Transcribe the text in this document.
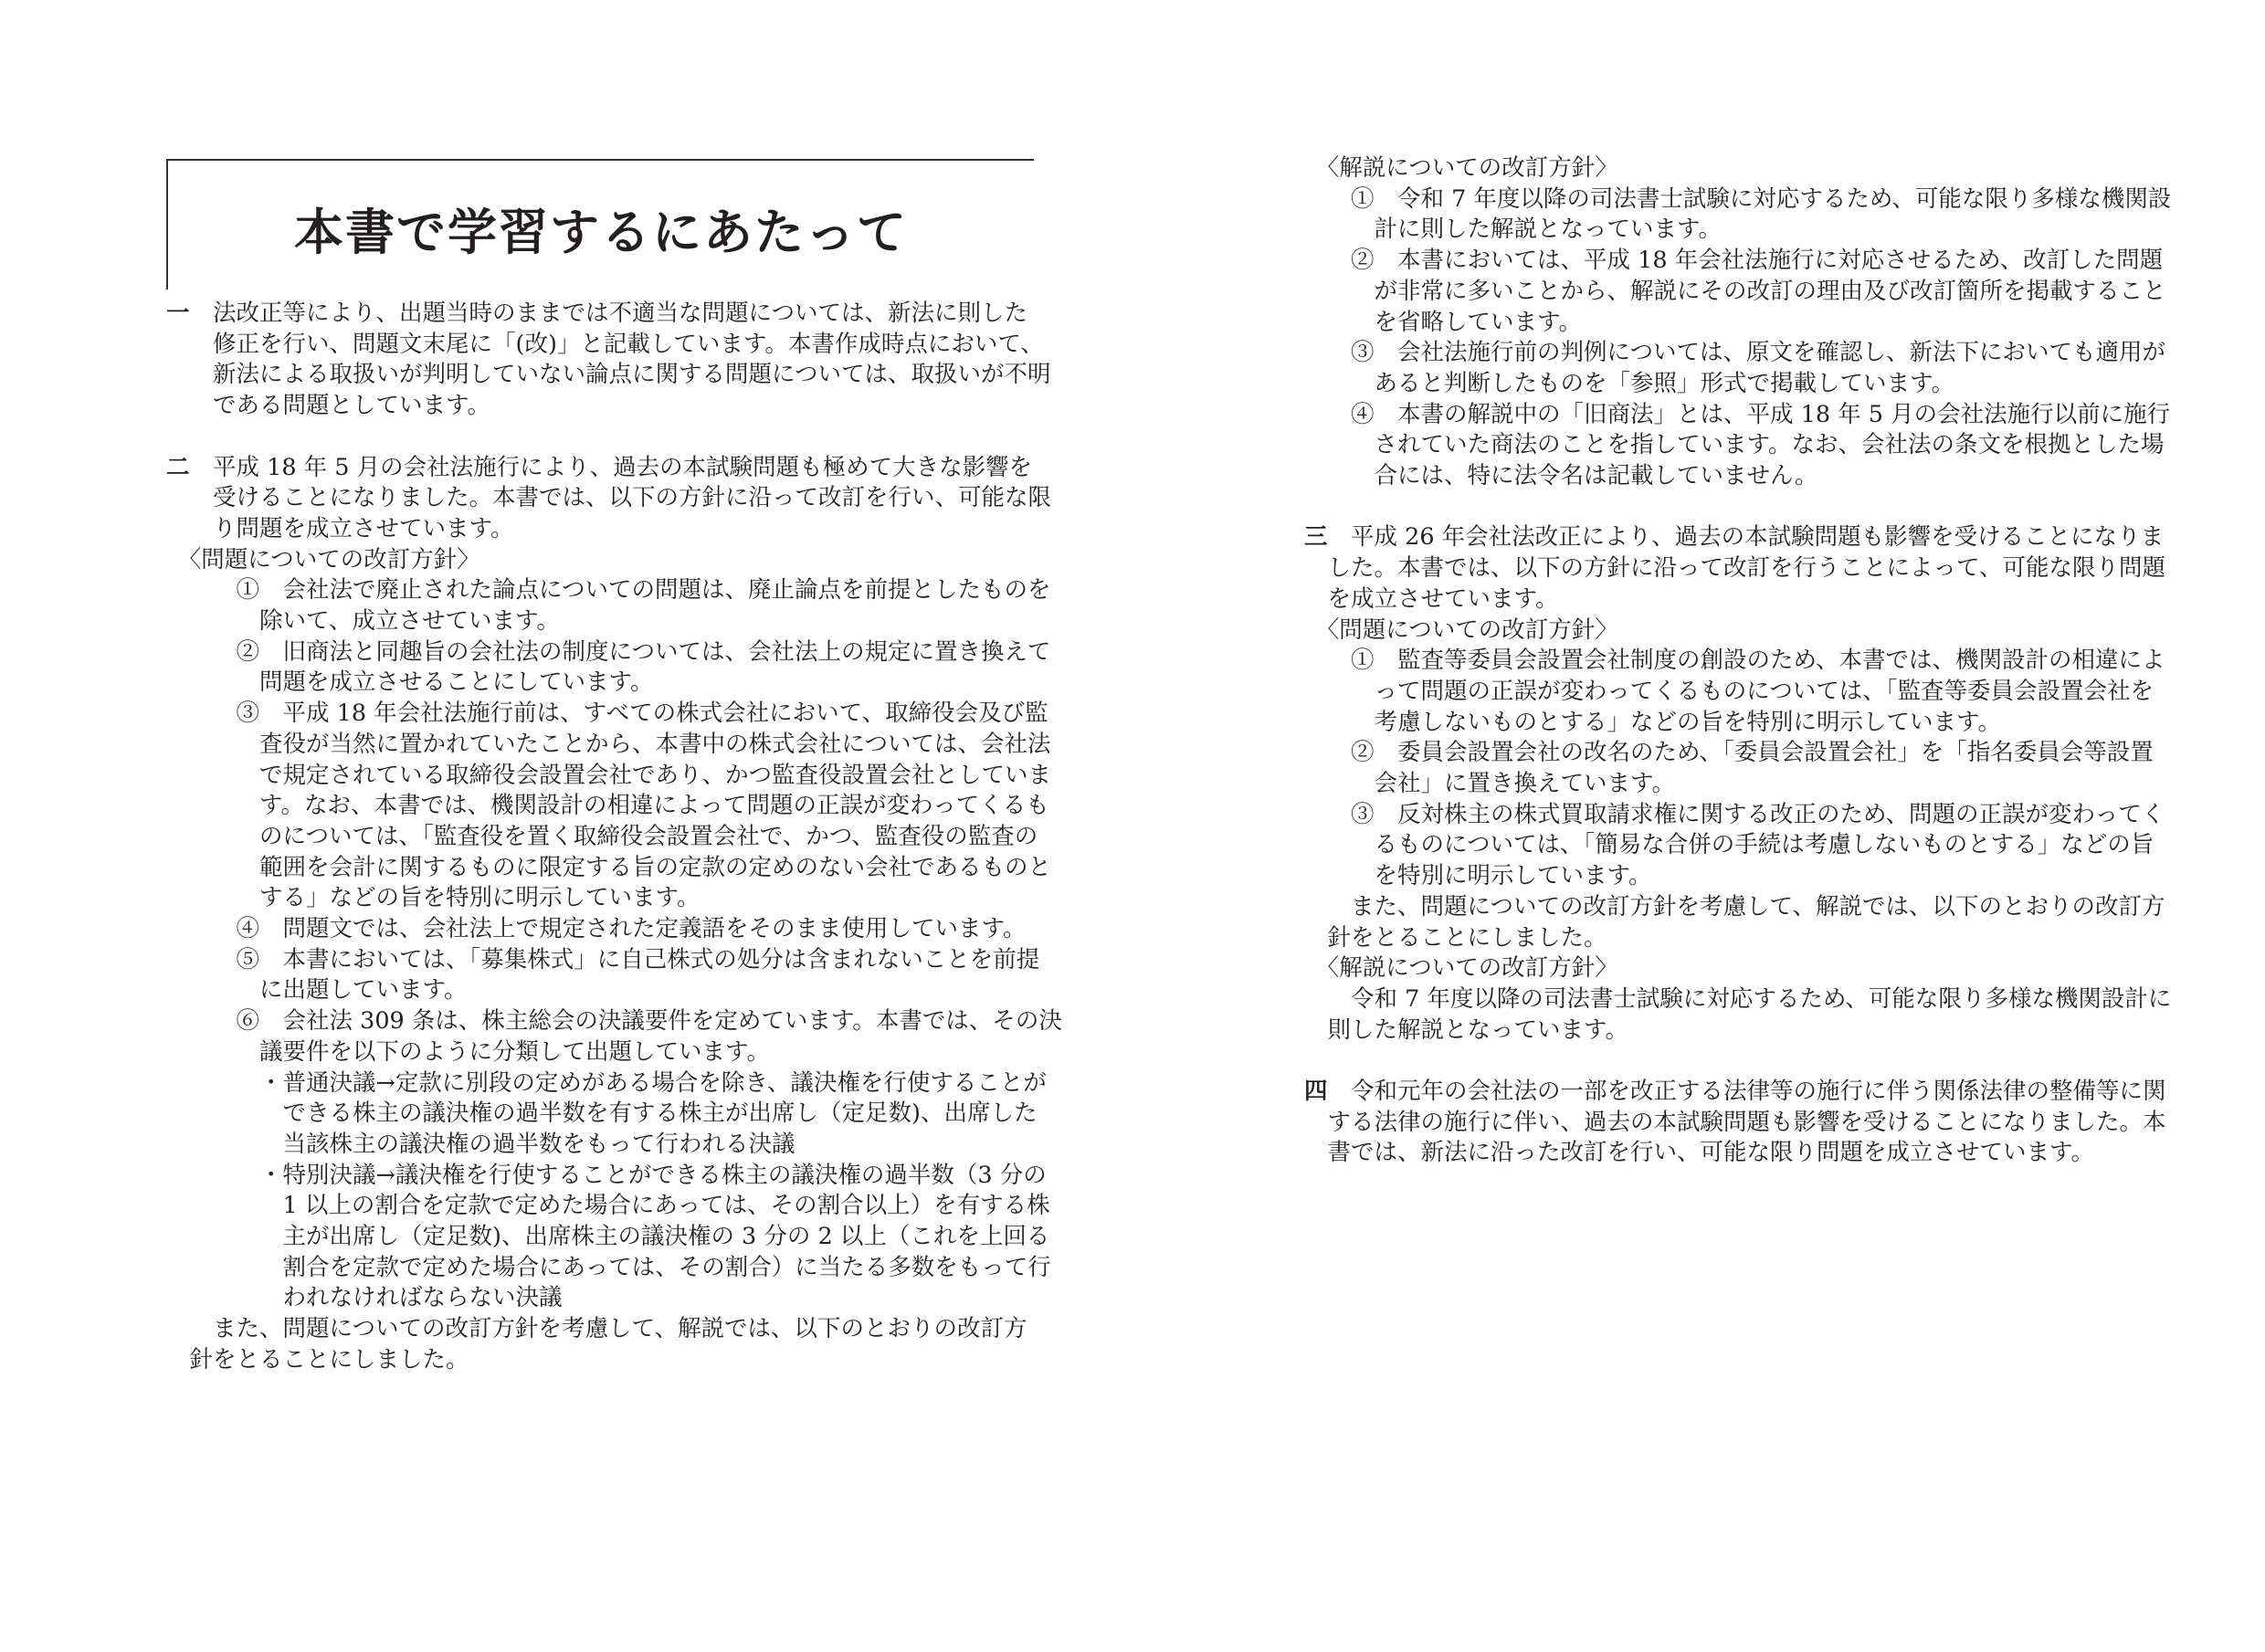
本書で学習するにあたって
一　法改正等により、出題当時のままでは不適当な問題については、新法に則した
　　修正を行い、問題文末尾に「(改)」と記載しています。本書作成時点において、
　　新法による取扱いが判明していない論点に関する問題については、取扱いが不明
　　である問題としています。
二　平成 18 年 5 月の会社法施行により、過去の本試験問題も極めて大きな影響を
　　受けることになりました。本書では、以下の方針に沿って改訂を行い、可能な限
　　り問題を成立させています。
　〈問題についての改訂方針〉
　　　①　会社法で廃止された論点についての問題は、廃止論点を前提としたものを
　　　　除いて、成立させています。
　　　②　旧商法と同趣旨の会社法の制度については、会社法上の規定に置き換えて
　　　　問題を成立させることにしています。
　　　③　平成 18 年会社法施行前は、すべての株式会社において、取締役会及び監
　　　　査役が当然に置かれていたことから、本書中の株式会社については、会社法
　　　　で規定されている取締役会設置会社であり、かつ監査役設置会社としていま
　　　　す。なお、本書では、機関設計の相違によって問題の正誤が変わってくるも
　　　　のについては、「監査役を置く取締役会設置会社で、かつ、監査役の監査の
　　　　範囲を会計に関するものに限定する旨の定款の定めのない会社であるものと
　　　　する」などの旨を特別に明示しています。
　　　④　問題文では、会社法上で規定された定義語をそのまま使用しています。
　　　⑤　本書においては、「募集株式」に自己株式の処分は含まれないことを前提
　　　　に出題しています。
　　　⑥　会社法 309 条は、株主総会の決議要件を定めています。本書では、その決
　　　　議要件を以下のように分類して出題しています。
　　　　・普通決議→定款に別段の定めがある場合を除き、議決権を行使することが
　　　　　できる株主の議決権の過半数を有する株主が出席し（定足数)、出席した
　　　　　当該株主の議決権の過半数をもって行われる決議
　　　　・特別決議→議決権を行使することができる株主の議決権の過半数（3 分の
　　　　　1 以上の割合を定款で定めた場合にあっては、その割合以上）を有する株
　　　　　主が出席し（定足数)、出席株主の議決権の 3 分の 2 以上（これを上回る
　　　　　割合を定款で定めた場合にあっては、その割合）に当たる多数をもって行
　　　　　われなければならない決議
　　また、問題についての改訂方針を考慮して、解説では、以下のとおりの改訂方
　針をとることにしました。
　〈解説についての改訂方針〉
　　①　令和 7 年度以降の司法書士試験に対応するため、可能な限り多様な機関設
　　　計に則した解説となっています。
　　②　本書においては、平成 18 年会社法施行に対応させるため、改訂した問題
　　　が非常に多いことから、解説にその改訂の理由及び改訂箇所を掲載すること
　　　を省略しています。
　　③　会社法施行前の判例については、原文を確認し、新法下においても適用が
　　　あると判断したものを「参照」形式で掲載しています。
　　④　本書の解説中の「旧商法」とは、平成 18 年 5 月の会社法施行以前に施行
　　　されていた商法のことを指しています。なお、会社法の条文を根拠とした場
　　　合には、特に法令名は記載していません。
三　平成 26 年会社法改正により、過去の本試験問題も影響を受けることになりま
　した。本書では、以下の方針に沿って改訂を行うことによって、可能な限り問題
　を成立させています。
　〈問題についての改訂方針〉
　　①　監査等委員会設置会社制度の創設のため、本書では、機関設計の相違によ
　　　って問題の正誤が変わってくるものについては、「監査等委員会設置会社を
　　　考慮しないものとする」などの旨を特別に明示しています。
　　②　委員会設置会社の改名のため、「委員会設置会社」を「指名委員会等設置
　　　会社」に置き換えています。
　　③　反対株主の株式買取請求権に関する改正のため、問題の正誤が変わってく
　　　るものについては、「簡易な合併の手続は考慮しないものとする」などの旨
　　　を特別に明示しています。
　　また、問題についての改訂方針を考慮して、解説では、以下のとおりの改訂方
　針をとることにしました。
　〈解説についての改訂方針〉
　　令和 7 年度以降の司法書士試験に対応するため、可能な限り多様な機関設計に
　則した解説となっています。
四　令和元年の会社法の一部を改正する法律等の施行に伴う関係法律の整備等に関
　する法律の施行に伴い、過去の本試験問題も影響を受けることになりました。本
　書では、新法に沿った改訂を行い、可能な限り問題を成立させています。
